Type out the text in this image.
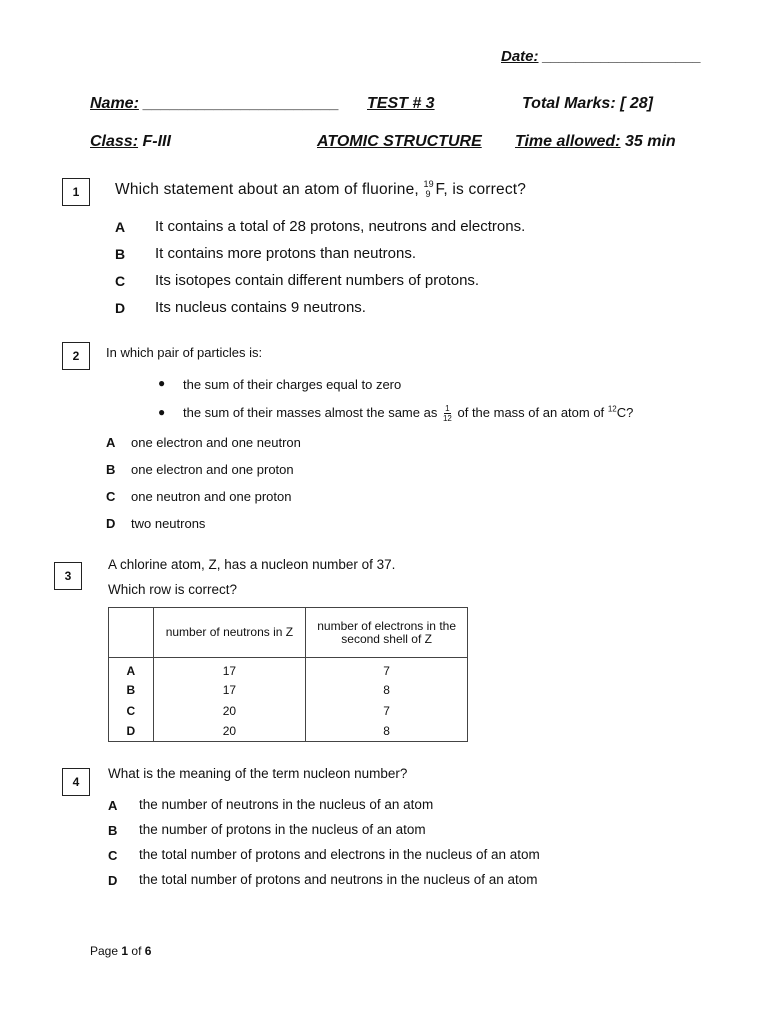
Date: ___________________
Name: ______________________ TEST # 3	Total Marks: [ 28]
Class: F-III	ATOMIC STRUCTURE Time allowed: 35 min
1	Which statement about an atom of fluorine, 19
9 F, is correct?
A It contains a total of 28 protons, neutrons and electrons.
B It contains more protons than neutrons.
C Its isotopes contain different numbers of protons.
D Its nucleus contains 9 neutrons.
2	In which pair of particles is:
● the sum of their charges equal to zero
● the sum of their masses almost the same as $\frac{1}{12}$ of the mass of an atom of $^{12}$C?
A one electron and one neutron
B one electron and one proton
C one neutron and one proton
D two neutrons
3
A chlorine atom, Z, has a nucleon number of 37.
Which row is correct?
	number of neutrons in Z	number of electrons in the second shell of Z
A	17	7
B	17	8
C	20	7
D	20	8
4
What is the meaning of the term nucleon number?
A the number of neutrons in the nucleus of an atom
B the number of protons in the nucleus of an atom
C the total number of protons and electrons in the nucleus of an atom
D the total number of protons and neutrons in the nucleus of an atom
Page 1 of 6
